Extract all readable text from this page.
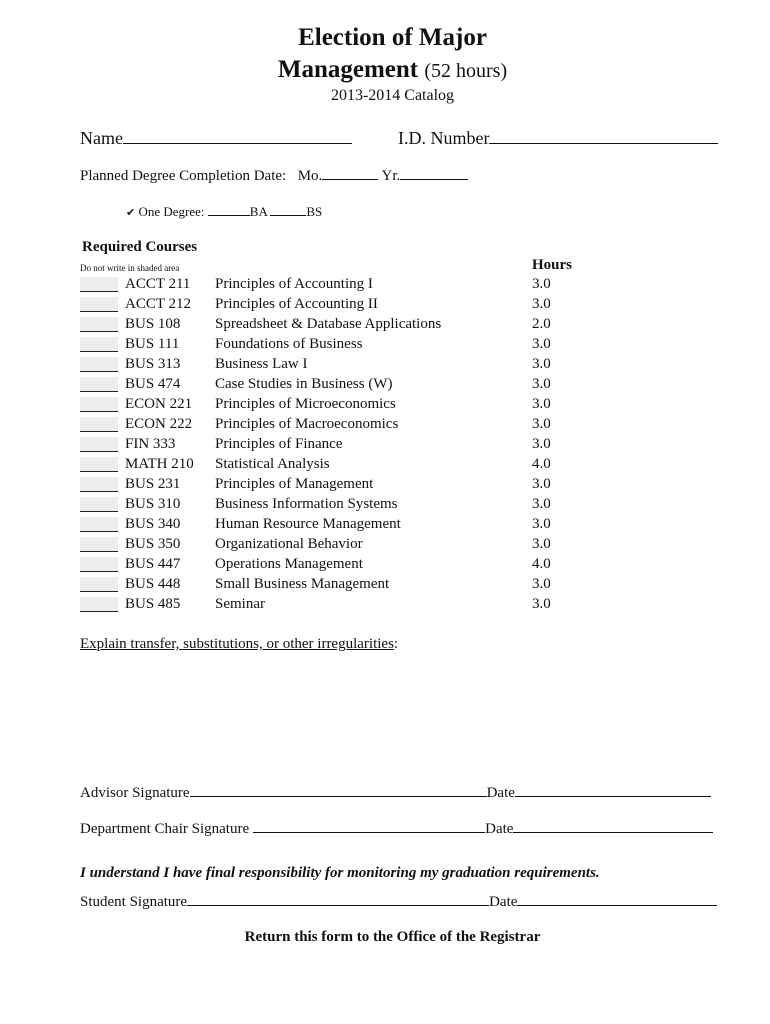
Election of Major
Management (52 hours)
2013-2014 Catalog
Name	I.D. Number
Planned Degree Completion Date: Mo.	Yr.
✔ One Degree:	BA	BS
Required Courses
Do not write in shaded area	Hours
ACCT 211 Principles of Accounting I	3.0
ACCT 212 Principles of Accounting II	3.0
BUS 108 Spreadsheet & Database Applications	2.0
BUS 111 Foundations of Business	3.0
BUS 313 Business Law I	3.0
BUS 474 Case Studies in Business (W)	3.0
ECON 221 Principles of Microeconomics	3.0
ECON 222 Principles of Macroeconomics	3.0
FIN 333	Principles of Finance	3.0
MATH 210 Statistical Analysis	4.0
BUS 231 Principles of Management	3.0
BUS 310 Business Information Systems	3.0
BUS 340 Human Resource Management	3.0
BUS 350 Organizational Behavior	3.0
BUS 447 Operations Management	4.0
BUS 448 Small Business Management	3.0
BUS 485 Seminar	3.0
Explain transfer, substitutions, or other irregularities:
Advisor Signature	Date
Department Chair Signature	Date
I understand I have final responsibility for monitoring my graduation requirements.
Student Signature	Date
Return this form to the Office of the Registrar
